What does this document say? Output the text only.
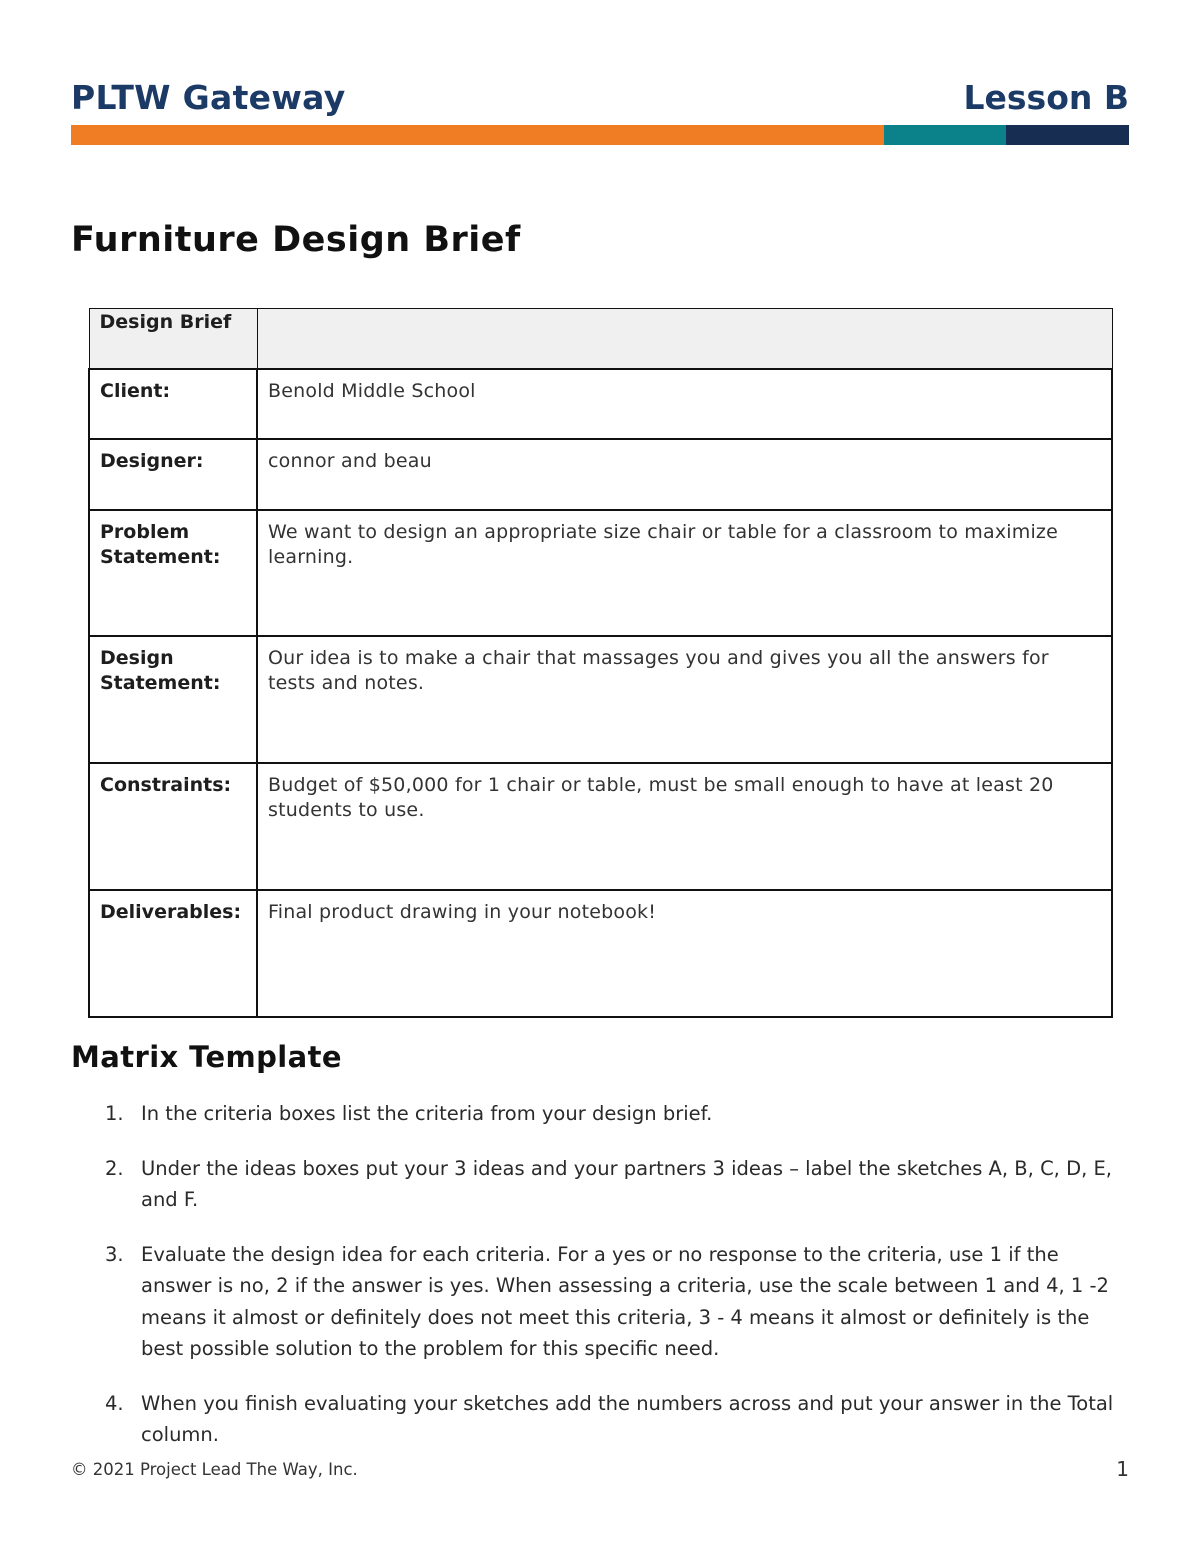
PLTW Gateway	Lesson B
Furniture Design Brief
Design Brief	
Client:	Benold Middle School
Designer:	connor and beau
Problem Statement:	We want to design an appropriate size chair or table for a classroom to maximize learning.
Design Statement:	Our idea is to make a chair that massages you and gives you all the answers for tests and notes.
Constraints:	Budget of $50,000 for 1 chair or table, must be small enough to have at least 20 students to use.
Deliverables:	Final product drawing in your notebook!
Matrix Template
1. In the criteria boxes list the criteria from your design brief.
2. Under the ideas boxes put your 3 ideas and your partners 3 ideas – label the sketches A, B, C, D, E, and F.
3. Evaluate the design idea for each criteria. For a yes or no response to the criteria, use 1 if the answer is no, 2 if the answer is yes. When assessing a criteria, use the scale between 1 and 4, 1 -2 means it almost or definitely does not meet this criteria, 3 - 4 means it almost or definitely is the best possible solution to the problem for this specific need.
4. When you finish evaluating your sketches add the numbers across and put your answer in the Total column.
© 2021 Project Lead The Way, Inc.	1
